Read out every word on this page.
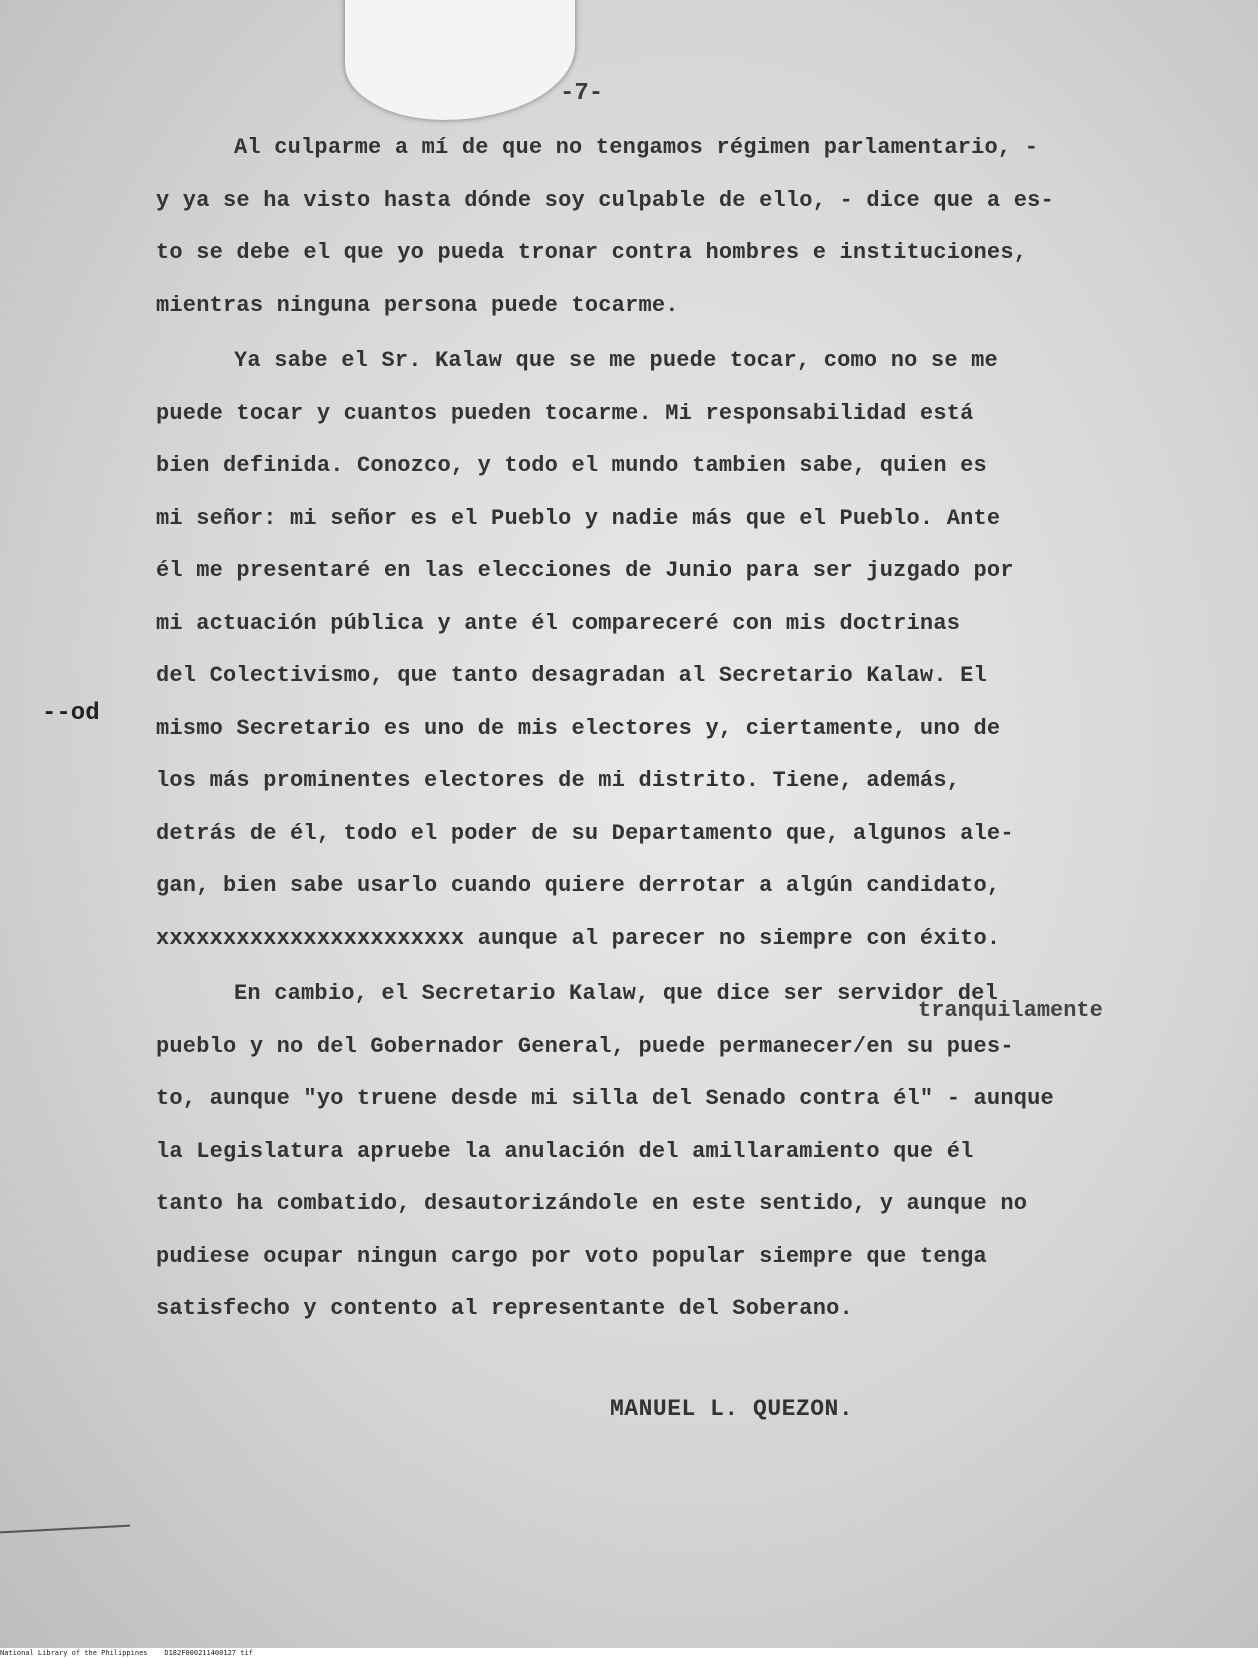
-7-
--od
Al culparme a mí de que no tengamos régimen parlamentario, -
y ya se ha visto hasta dónde soy culpable de ello, - dice que a es-
to se debe el que yo pueda tronar contra hombres e instituciones,
mientras ninguna persona puede tocarme.
Ya sabe el Sr. Kalaw que se me puede tocar, como no se me
puede tocar y cuantos pueden tocarme. Mi responsabilidad está
bien definida. Conozco, y todo el mundo tambien sabe, quien es
mi señor: mi señor es el Pueblo y nadie más que el Pueblo. Ante
él me presentaré en las elecciones de Junio para ser juzgado por
mi actuación pública y ante él compareceré con mis doctrinas
del Colectivismo, que tanto desagradan al Secretario Kalaw. El
mismo Secretario es uno de mis electores y, ciertamente, uno de
los más prominentes electores de mi distrito. Tiene, además,
detrás de él, todo el poder de su Departamento que, algunos ale-
gan, bien sabe usarlo cuando quiere derrotar a algún candidato,
xxxxxxxxxxxxxxxxxxxxxxx aunque al parecer no siempre con éxito.
tranquilamente
En cambio, el Secretario Kalaw, que dice ser servidor del
pueblo y no del Gobernador General, puede permanecer/en su pues-
to, aunque "yo truene desde mi silla del Senado contra él" - aunque
la Legislatura apruebe la anulación del amillaramiento que él
tanto ha combatido, desautorizándole en este sentido, y aunque no
pudiese ocupar ningun cargo por voto popular siempre que tenga
satisfecho y contento al representante del Soberano.
MANUEL L. QUEZON.
National Library of the Philippines    D182F000211400127 tif
